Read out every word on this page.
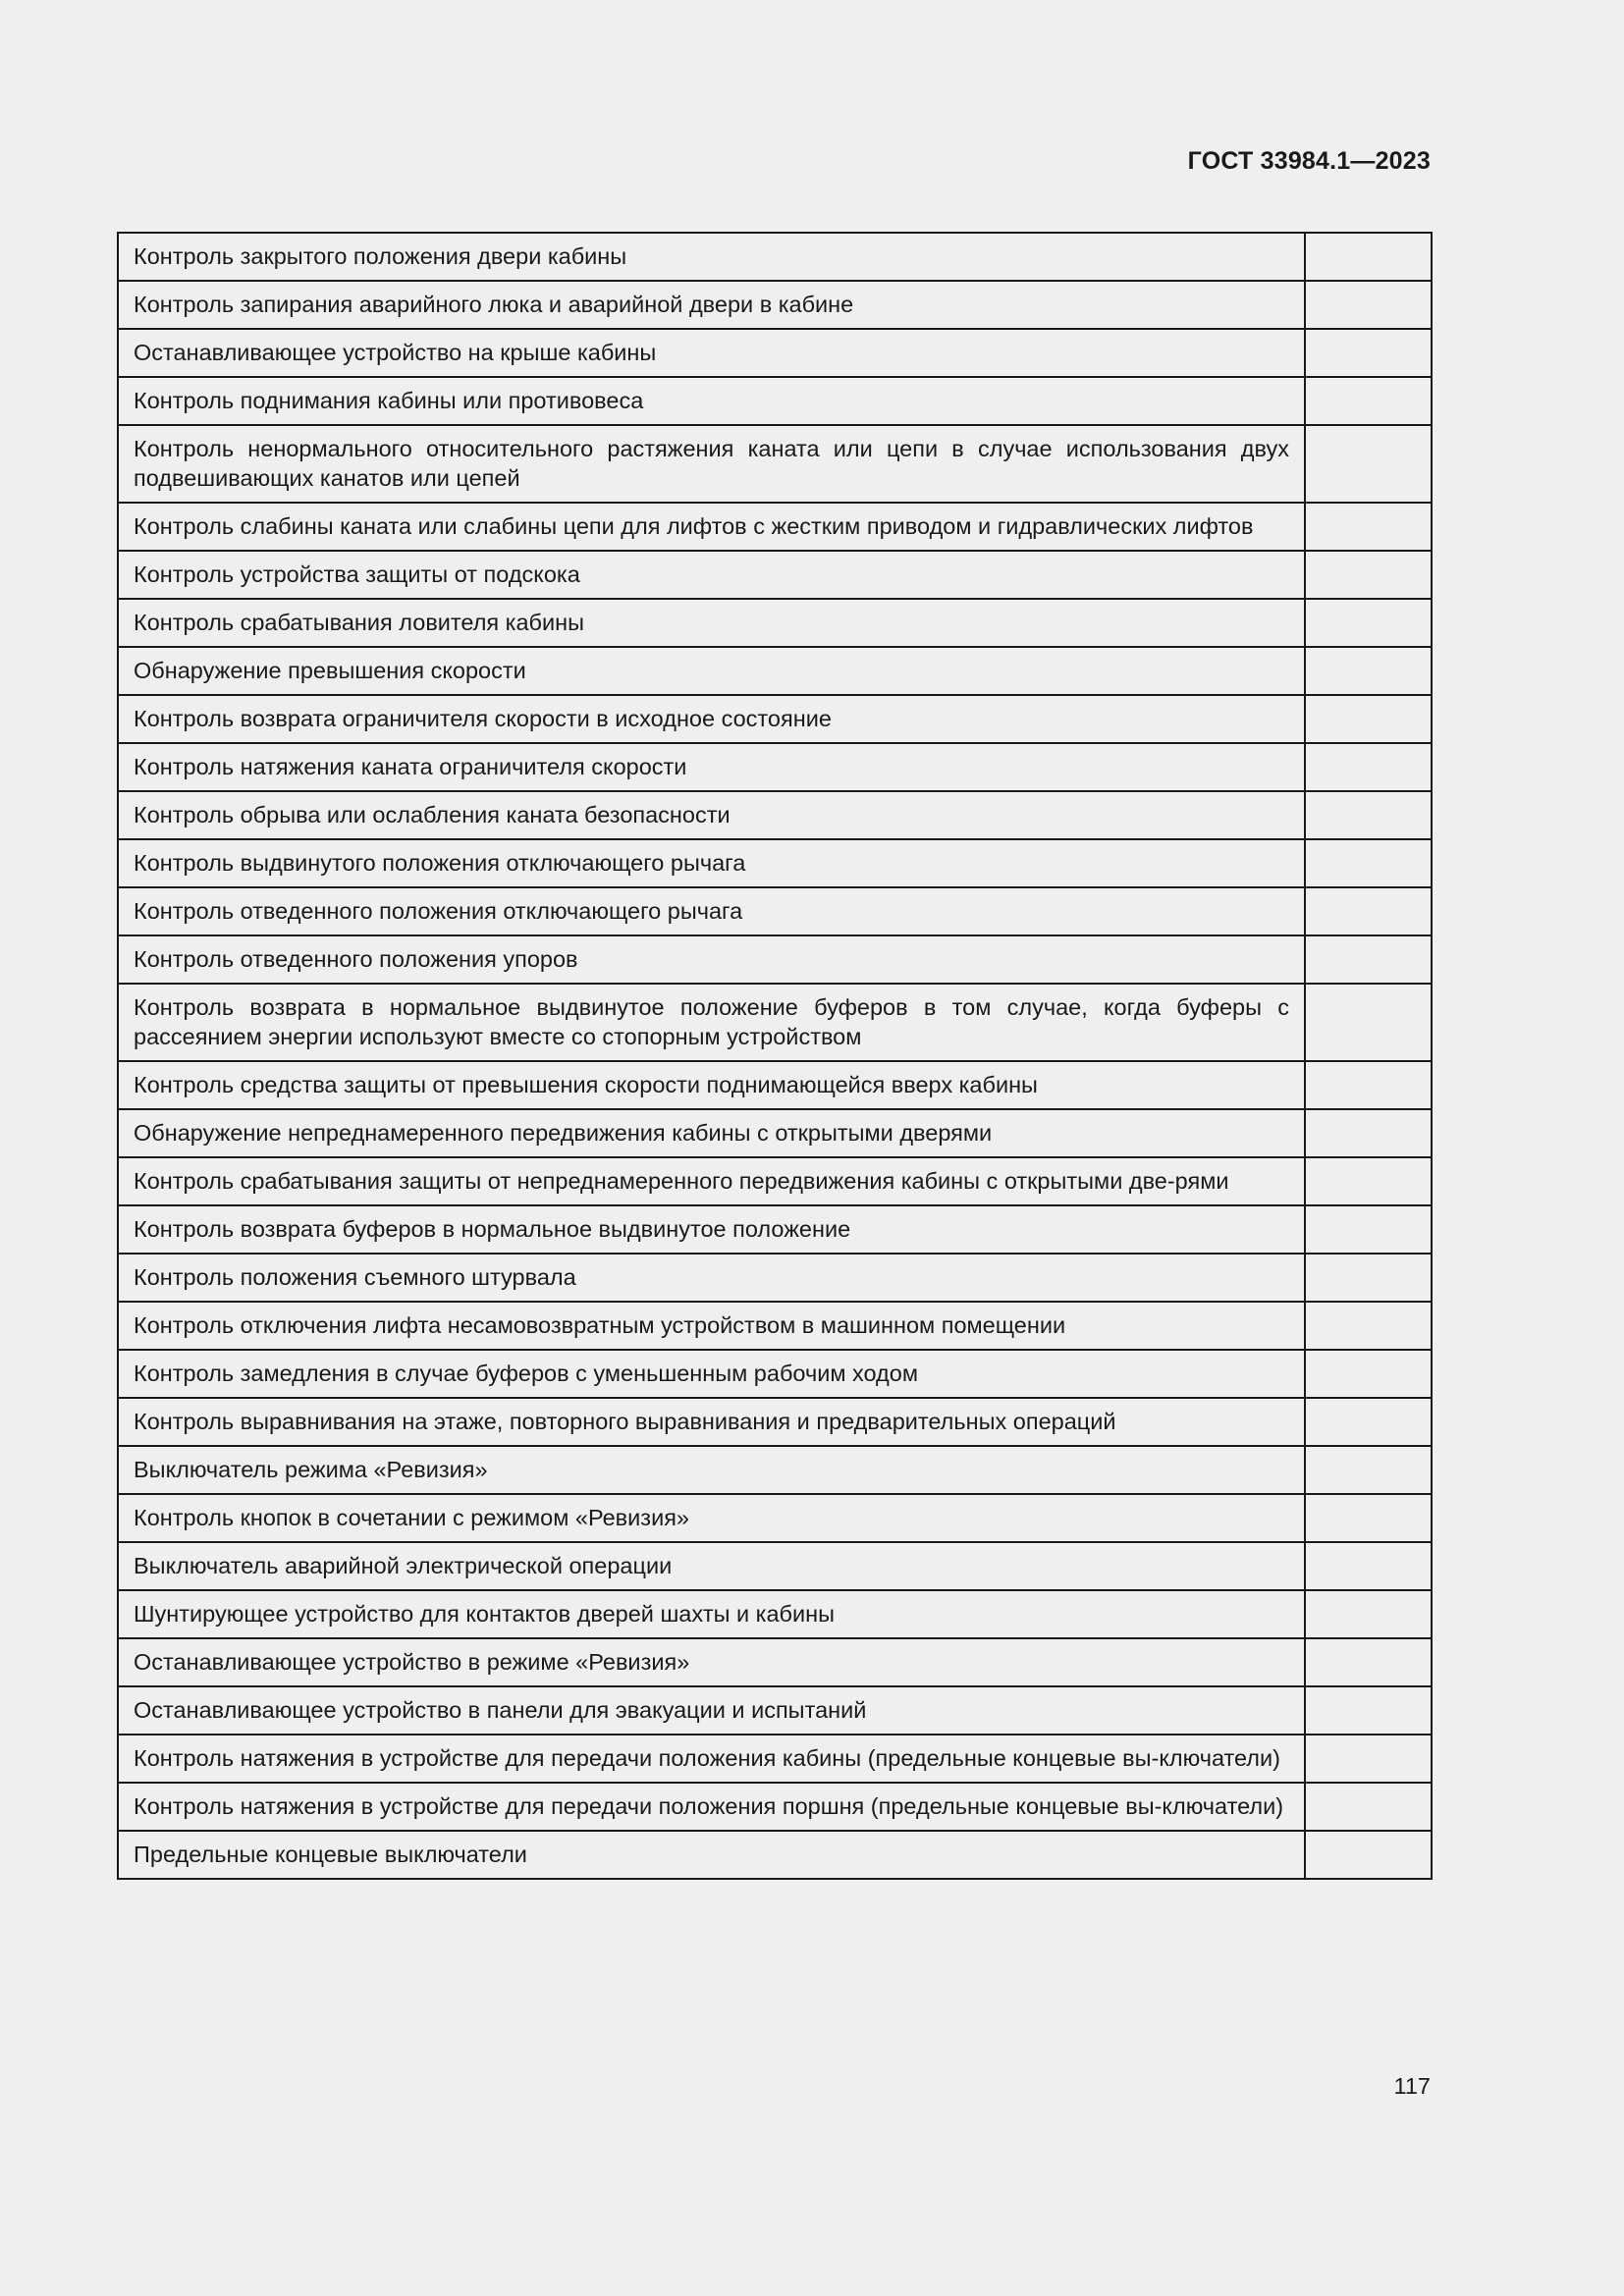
ГОСТ 33984.1—2023
Контроль закрытого положения двери кабины	
Контроль запирания аварийного люка и аварийной двери в кабине	
Останавливающее устройство на крыше кабины	
Контроль поднимания кабины или противовеса	
Контроль ненормального относительного растяжения каната или цепи в случае использования двух подвешивающих канатов или цепей	
Контроль слабины каната или слабины цепи для лифтов с жестким приводом и гидравлических лифтов	
Контроль устройства защиты от подскока	
Контроль срабатывания ловителя кабины	
Обнаружение превышения скорости	
Контроль возврата ограничителя скорости в исходное состояние	
Контроль натяжения каната ограничителя скорости	
Контроль обрыва или ослабления каната безопасности	
Контроль выдвинутого положения отключающего рычага	
Контроль отведенного положения отключающего рычага	
Контроль отведенного положения упоров	
Контроль возврата в нормальное выдвинутое положение буферов в том случае, когда буферы с рассеянием энергии используют вместе со стопорным устройством	
Контроль средства защиты от превышения скорости поднимающейся вверх кабины	
Обнаружение непреднамеренного передвижения кабины с открытыми дверями	
Контроль срабатывания защиты от непреднамеренного передвижения кабины с открытыми две-рями	
Контроль возврата буферов в нормальное выдвинутое положение	
Контроль положения съемного штурвала	
Контроль отключения лифта несамовозвратным устройством в машинном помещении	
Контроль замедления в случае буферов с уменьшенным рабочим ходом	
Контроль выравнивания на этаже, повторного выравнивания и предварительных операций	
Выключатель режима «Ревизия»	
Контроль кнопок в сочетании с режимом «Ревизия»	
Выключатель аварийной электрической операции	
Шунтирующее устройство для контактов дверей шахты и кабины	
Останавливающее устройство в режиме «Ревизия»	
Останавливающее устройство в панели для эвакуации и испытаний	
Контроль натяжения в устройстве для передачи положения кабины (предельные концевые вы-ключатели)	
Контроль натяжения в устройстве для передачи положения поршня (предельные концевые вы-ключатели)	
Предельные концевые выключатели	
117
